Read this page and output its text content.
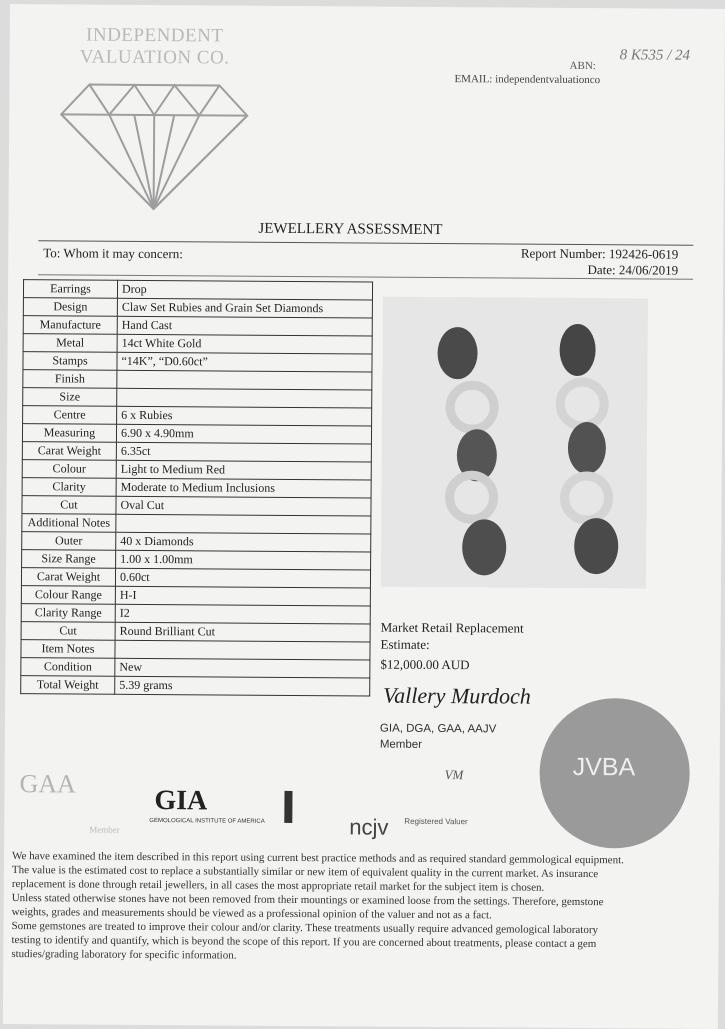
INDEPENDENT
VALUATION CO.	ABN:
8 K535 / 24
EMAIL: independentvaluationco
JEWELLERY ASSESSMENT
To: Whom it may concern:	Report Number: 192426-0619
Date: 24/06/2019
Earrings	Drop
Design	Claw Set Rubies and Grain Set Diamonds
Manufacture	Hand Cast
Metal	14ct White Gold
Stamps	“14K”, “D0.60ct”
Finish	
Size	
Centre	6 x Rubies
Measuring	6.90 x 4.90mm
Carat Weight	6.35ct
Colour	Light to Medium Red
Clarity	Moderate to Medium Inclusions
Cut	Oval Cut
Additional Notes	
Outer	40 x Diamonds
Size Range	1.00 x 1.00mm
Carat Weight	0.60ct
Colour Range	H-I
Clarity Range	I2
Cut	Round Brilliant Cut
Item Notes	
Condition	New
Total Weight	5.39 grams
Market Retail Replacement
Estimate:
$12,000.00 AUD
Vallery Murdoch
GIA, DGA, GAA, AAJV
Member
JVBA
VM
GAA
Member
GIA
GEMOLOGICAL INSTITUTE OF AMERICA	ncjv Registered Valuer

We have examined the item described in this report using current best practice methods and as required standard gemmological equipment.

The value is the estimated cost to replace a substantially similar or new item of equivalent quality in the current market. As insurance

replacement is done through retail jewellers, in all cases the most appropriate retail market for the subject item is chosen.

Unless stated otherwise stones have not been removed from their mountings or examined loose from the settings. Therefore, gemstone

weights, grades and measurements should be viewed as a professional opinion of the valuer and not as a fact.

Some gemstones are treated to improve their colour and/or clarity. These treatments usually require advanced gemological laboratory

testing to identify and quantify, which is beyond the scope of this report. If you are concerned about treatments, please contact a gem

studies/grading laboratory for specific information.
